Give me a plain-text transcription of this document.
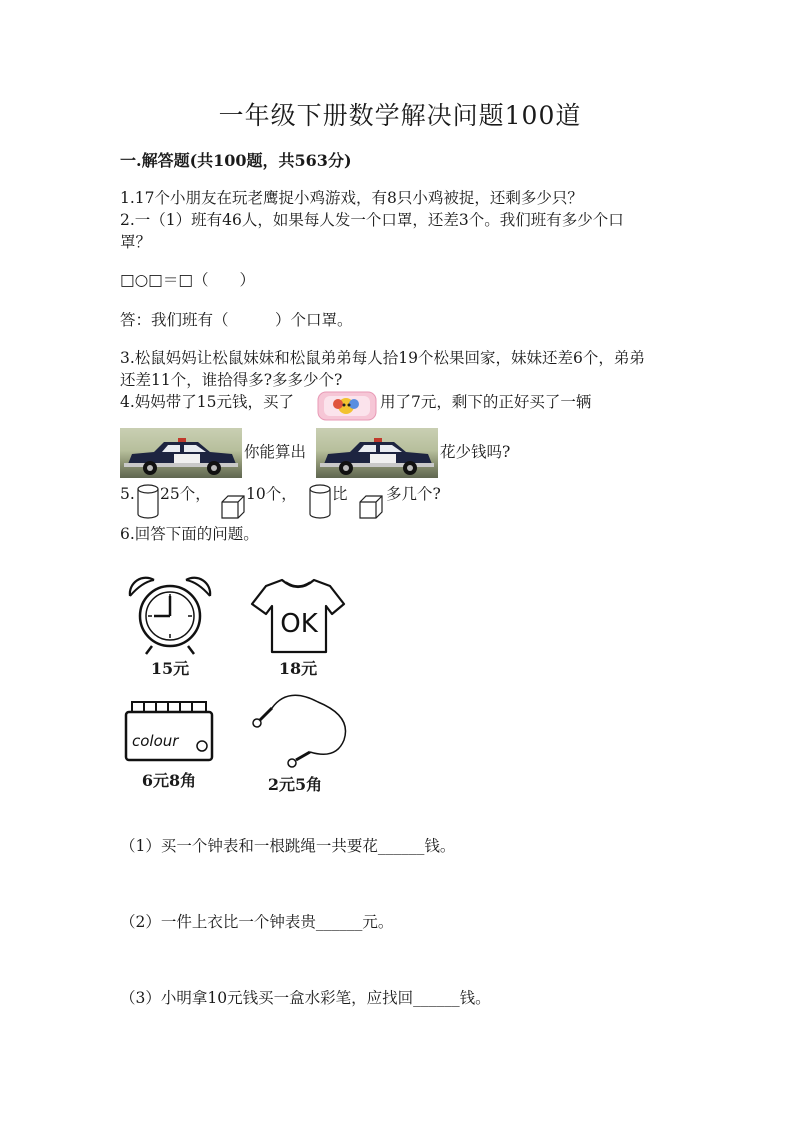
一年级下册数学解决问题100道
一.解答题(共100题，共563分)
1.17个小朋友在玩老鹰捉小鸡游戏，有8只小鸡被捉，还剩多少只？
2.一（1）班有46人，如果每人发一个口罩，还差3个。我们班有多少个口
罩？
□○□＝□（　　）
答：我们班有（　　　）个口罩。
3.松鼠妈妈让松鼠妹妹和松鼠弟弟每人拾19个松果回家，妹妹还差6个，弟弟
还差11个，谁拾得多?多多少个?
4.妈妈带了15元钱，买了	用了7元，剩下的正好买了一辆
你能算出	花少钱吗?
5. 25个， 10个， 比 多几个?
6.回答下面的问题。
15元
OK
18元
colour
6元8角	2元5角
（1）买一个钟表和一根跳绳一共要花______钱。
（2）一件上衣比一个钟表贵______元。
（3）小明拿10元钱买一盒水彩笔，应找回______钱。
